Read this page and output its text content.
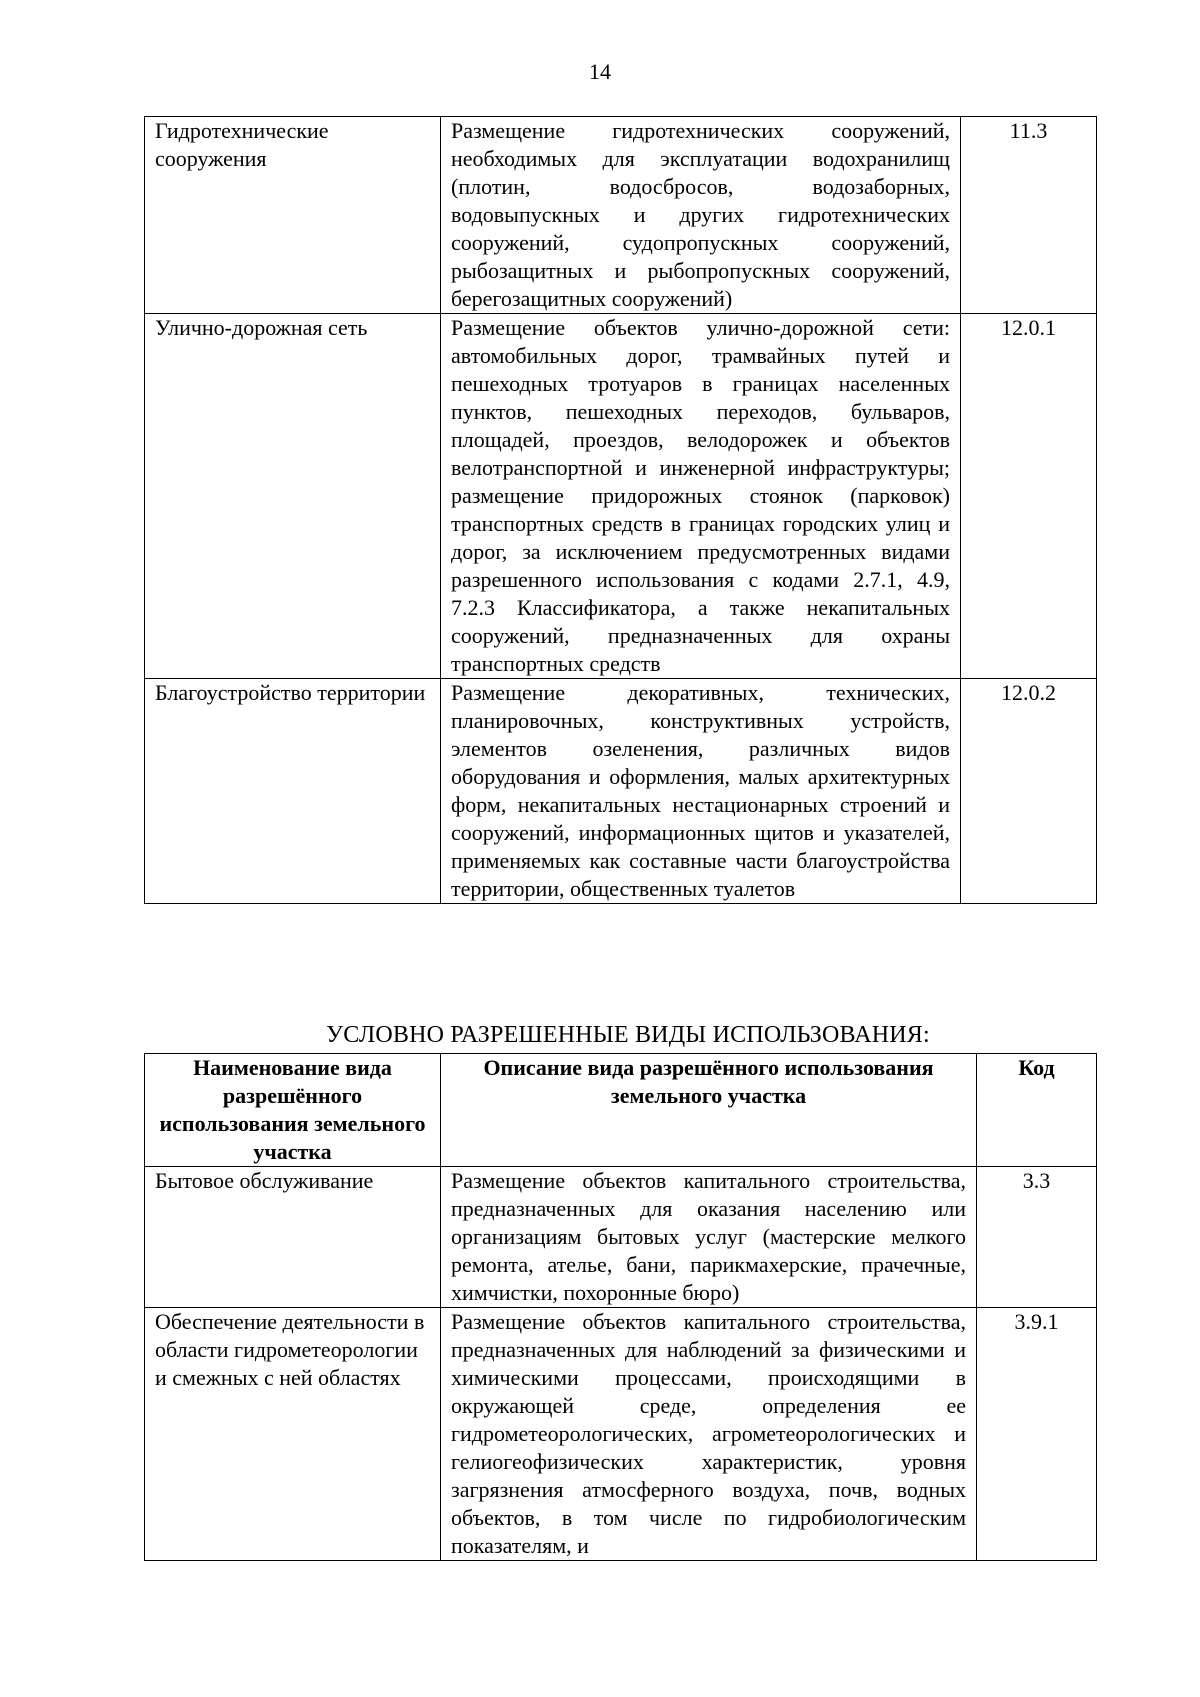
14
Гидротехнические сооружения	Размещение гидротехнических сооружений, необходимых для эксплуатации водохранилищ (плотин, водосбросов, водозаборных, водовыпускных и других гидротехнических сооружений, судопропускных сооружений, рыбозащитных и рыбопропускных сооружений, берегозащитных сооружений)	11.3
Улично-дорожная сеть	Размещение объектов улично-дорожной сети: автомобильных дорог, трамвайных путей и пешеходных тротуаров в границах населенных пунктов, пешеходных переходов, бульваров, площадей, проездов, велодорожек и объектов велотранспортной и инженерной инфраструктуры; размещение придорожных стоянок (парковок) транспортных средств в границах городских улиц и дорог, за исключением предусмотренных видами разрешенного использования с кодами 2.7.1, 4.9, 7.2.3 Классификатора, а также некапитальных сооружений, предназначенных для охраны транспортных средств	12.0.1
Благоустройство территории	Размещение декоративных, технических, планировочных, конструктивных устройств, элементов озеленения, различных видов оборудования и оформления, малых архитектурных форм, некапитальных нестационарных строений и сооружений, информационных щитов и указателей, применяемых как составные части благоустройства территории, общественных туалетов	12.0.2
УСЛОВНО РАЗРЕШЕННЫЕ ВИДЫ ИСПОЛЬЗОВАНИЯ:
Наименование вида разрешённого использования земельного участка	Описание вида разрешённого использования земельного участка	Код
Бытовое обслуживание	Размещение объектов капитального строительства, предназначенных для оказания населению или организациям бытовых услуг (мастерские мелкого ремонта, ателье, бани, парикмахерские, прачечные, химчистки, похоронные бюро)	3.3
Обеспечение деятельности в области гидрометеорологии и смежных с ней областях	Размещение объектов капитального строительства, предназначенных для наблюдений за физическими и химическими процессами, происходящими в окружающей среде, определения ее гидрометеорологических, агрометеорологических и гелиогеофизических характеристик, уровня загрязнения атмосферного воздуха, почв, водных объектов, в том числе по гидробиологическим показателям, и	3.9.1
